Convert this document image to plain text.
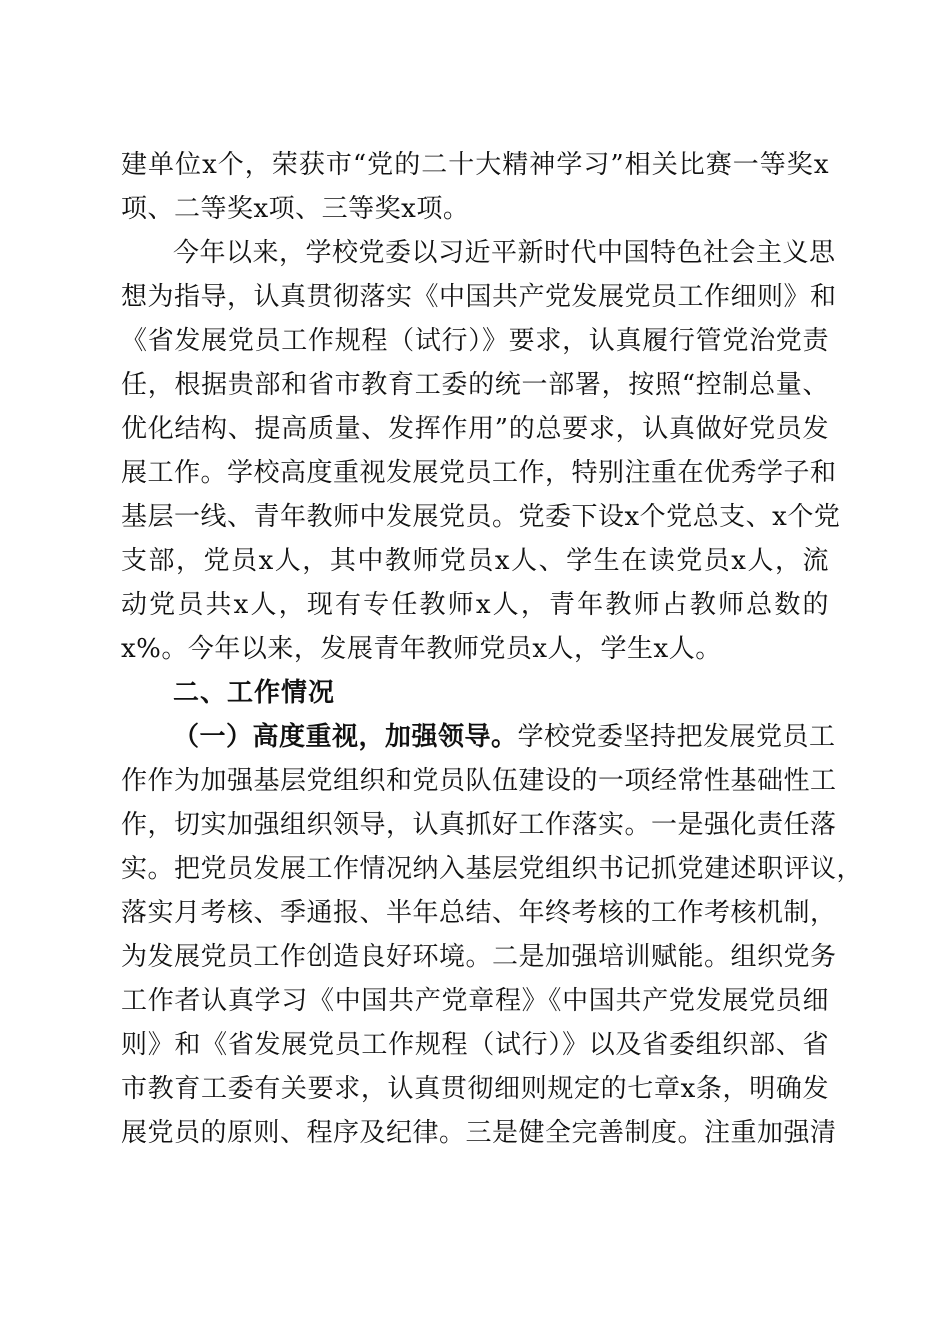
建单位x个，荣获市“党的二十大精神学习”相关比赛一等奖x
项、二等奖x项、三等奖x项。
今年以来，学校党委以习近平新时代中国特色社会主义思
想为指导，认真贯彻落实《中国共产党发展党员工作细则》和
《省发展党员工作规程（试行）》要求，认真履行管党治党责
任，根据贵部和省市教育工委的统一部署，按照“控制总量、
优化结构、提高质量、发挥作用”的总要求，认真做好党员发
展工作。学校高度重视发展党员工作，特别注重在优秀学子和
基层一线、青年教师中发展党员。党委下设x个党总支、x个党
支部，党员x人，其中教师党员x人、学生在读党员x人，流
动党员共x人，现有专任教师x人，青年教师占教师总数的
x%。今年以来，发展青年教师党员x人，学生x人。
二、工作情况
（一）高度重视，加强领导。学校党委坚持把发展党员工
作作为加强基层党组织和党员队伍建设的一项经常性基础性工
作，切实加强组织领导，认真抓好工作落实。一是强化责任落
实。把党员发展工作情况纳入基层党组织书记抓党建述职评议，
落实月考核、季通报、半年总结、年终考核的工作考核机制，
为发展党员工作创造良好环境。二是加强培训赋能。组织党务
工作者认真学习《中国共产党章程》《中国共产党发展党员细
则》和《省发展党员工作规程（试行）》以及省委组织部、省
市教育工委有关要求，认真贯彻细则规定的七章x条，明确发
展党员的原则、程序及纪律。三是健全完善制度。注重加强清
